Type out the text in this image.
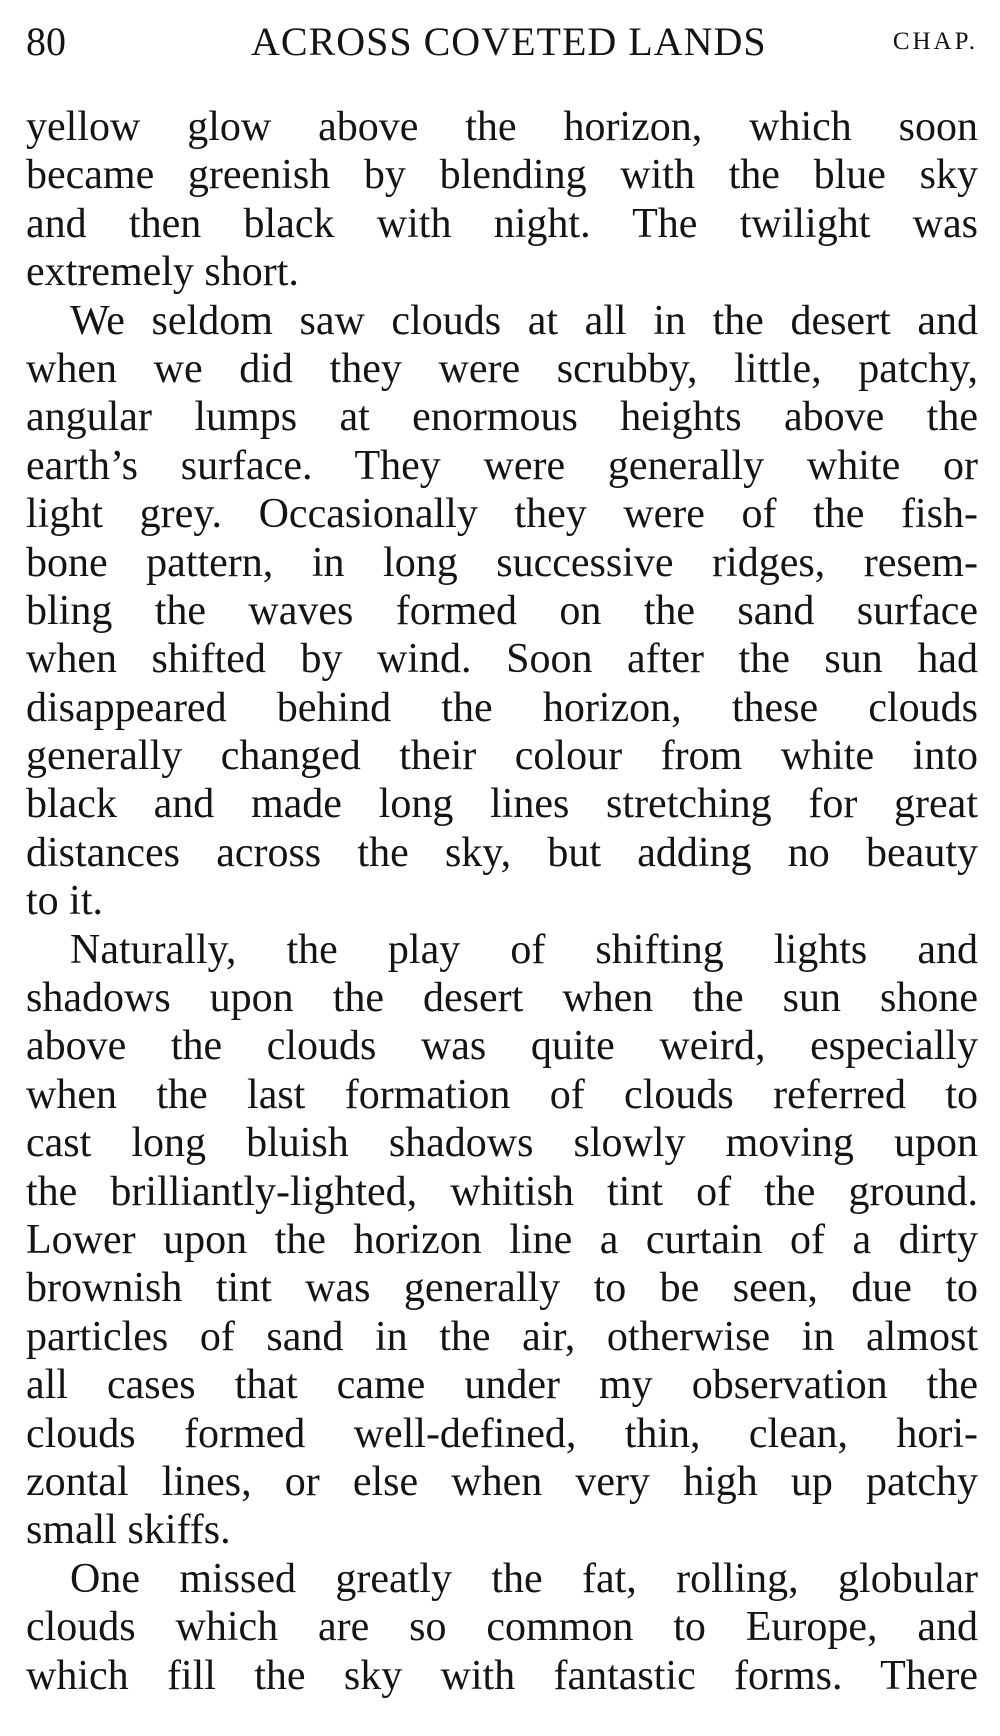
80	ACROSS COVETED LANDS	CHAP.
yellow glow above the horizon, which soon
became greenish by blending with the blue sky
and then black with night. The twilight was
extremely short.
We seldom saw clouds at all in the desert and
when we did they were scrubby, little, patchy,
angular lumps at enormous heights above the
earth’s surface. They were generally white or
light grey. Occasionally they were of the fish-
bone pattern, in long successive ridges, resem-
bling the waves formed on the sand surface
when shifted by wind. Soon after the sun had
disappeared behind the horizon, these clouds
generally changed their colour from white into
black and made long lines stretching for great
distances across the sky, but adding no beauty
to it.
Naturally, the play of shifting lights and
shadows upon the desert when the sun shone
above the clouds was quite weird, especially
when the last formation of clouds referred to
cast long bluish shadows slowly moving upon
the brilliantly-lighted, whitish tint of the ground.
Lower upon the horizon line a curtain of a dirty
brownish tint was generally to be seen, due to
particles of sand in the air, otherwise in almost
all cases that came under my observation the
clouds formed well-defined, thin, clean, hori-
zontal lines, or else when very high up patchy
small skiffs.
One missed greatly the fat, rolling, globular
clouds which are so common to Europe, and
which fill the sky with fantastic forms. There
